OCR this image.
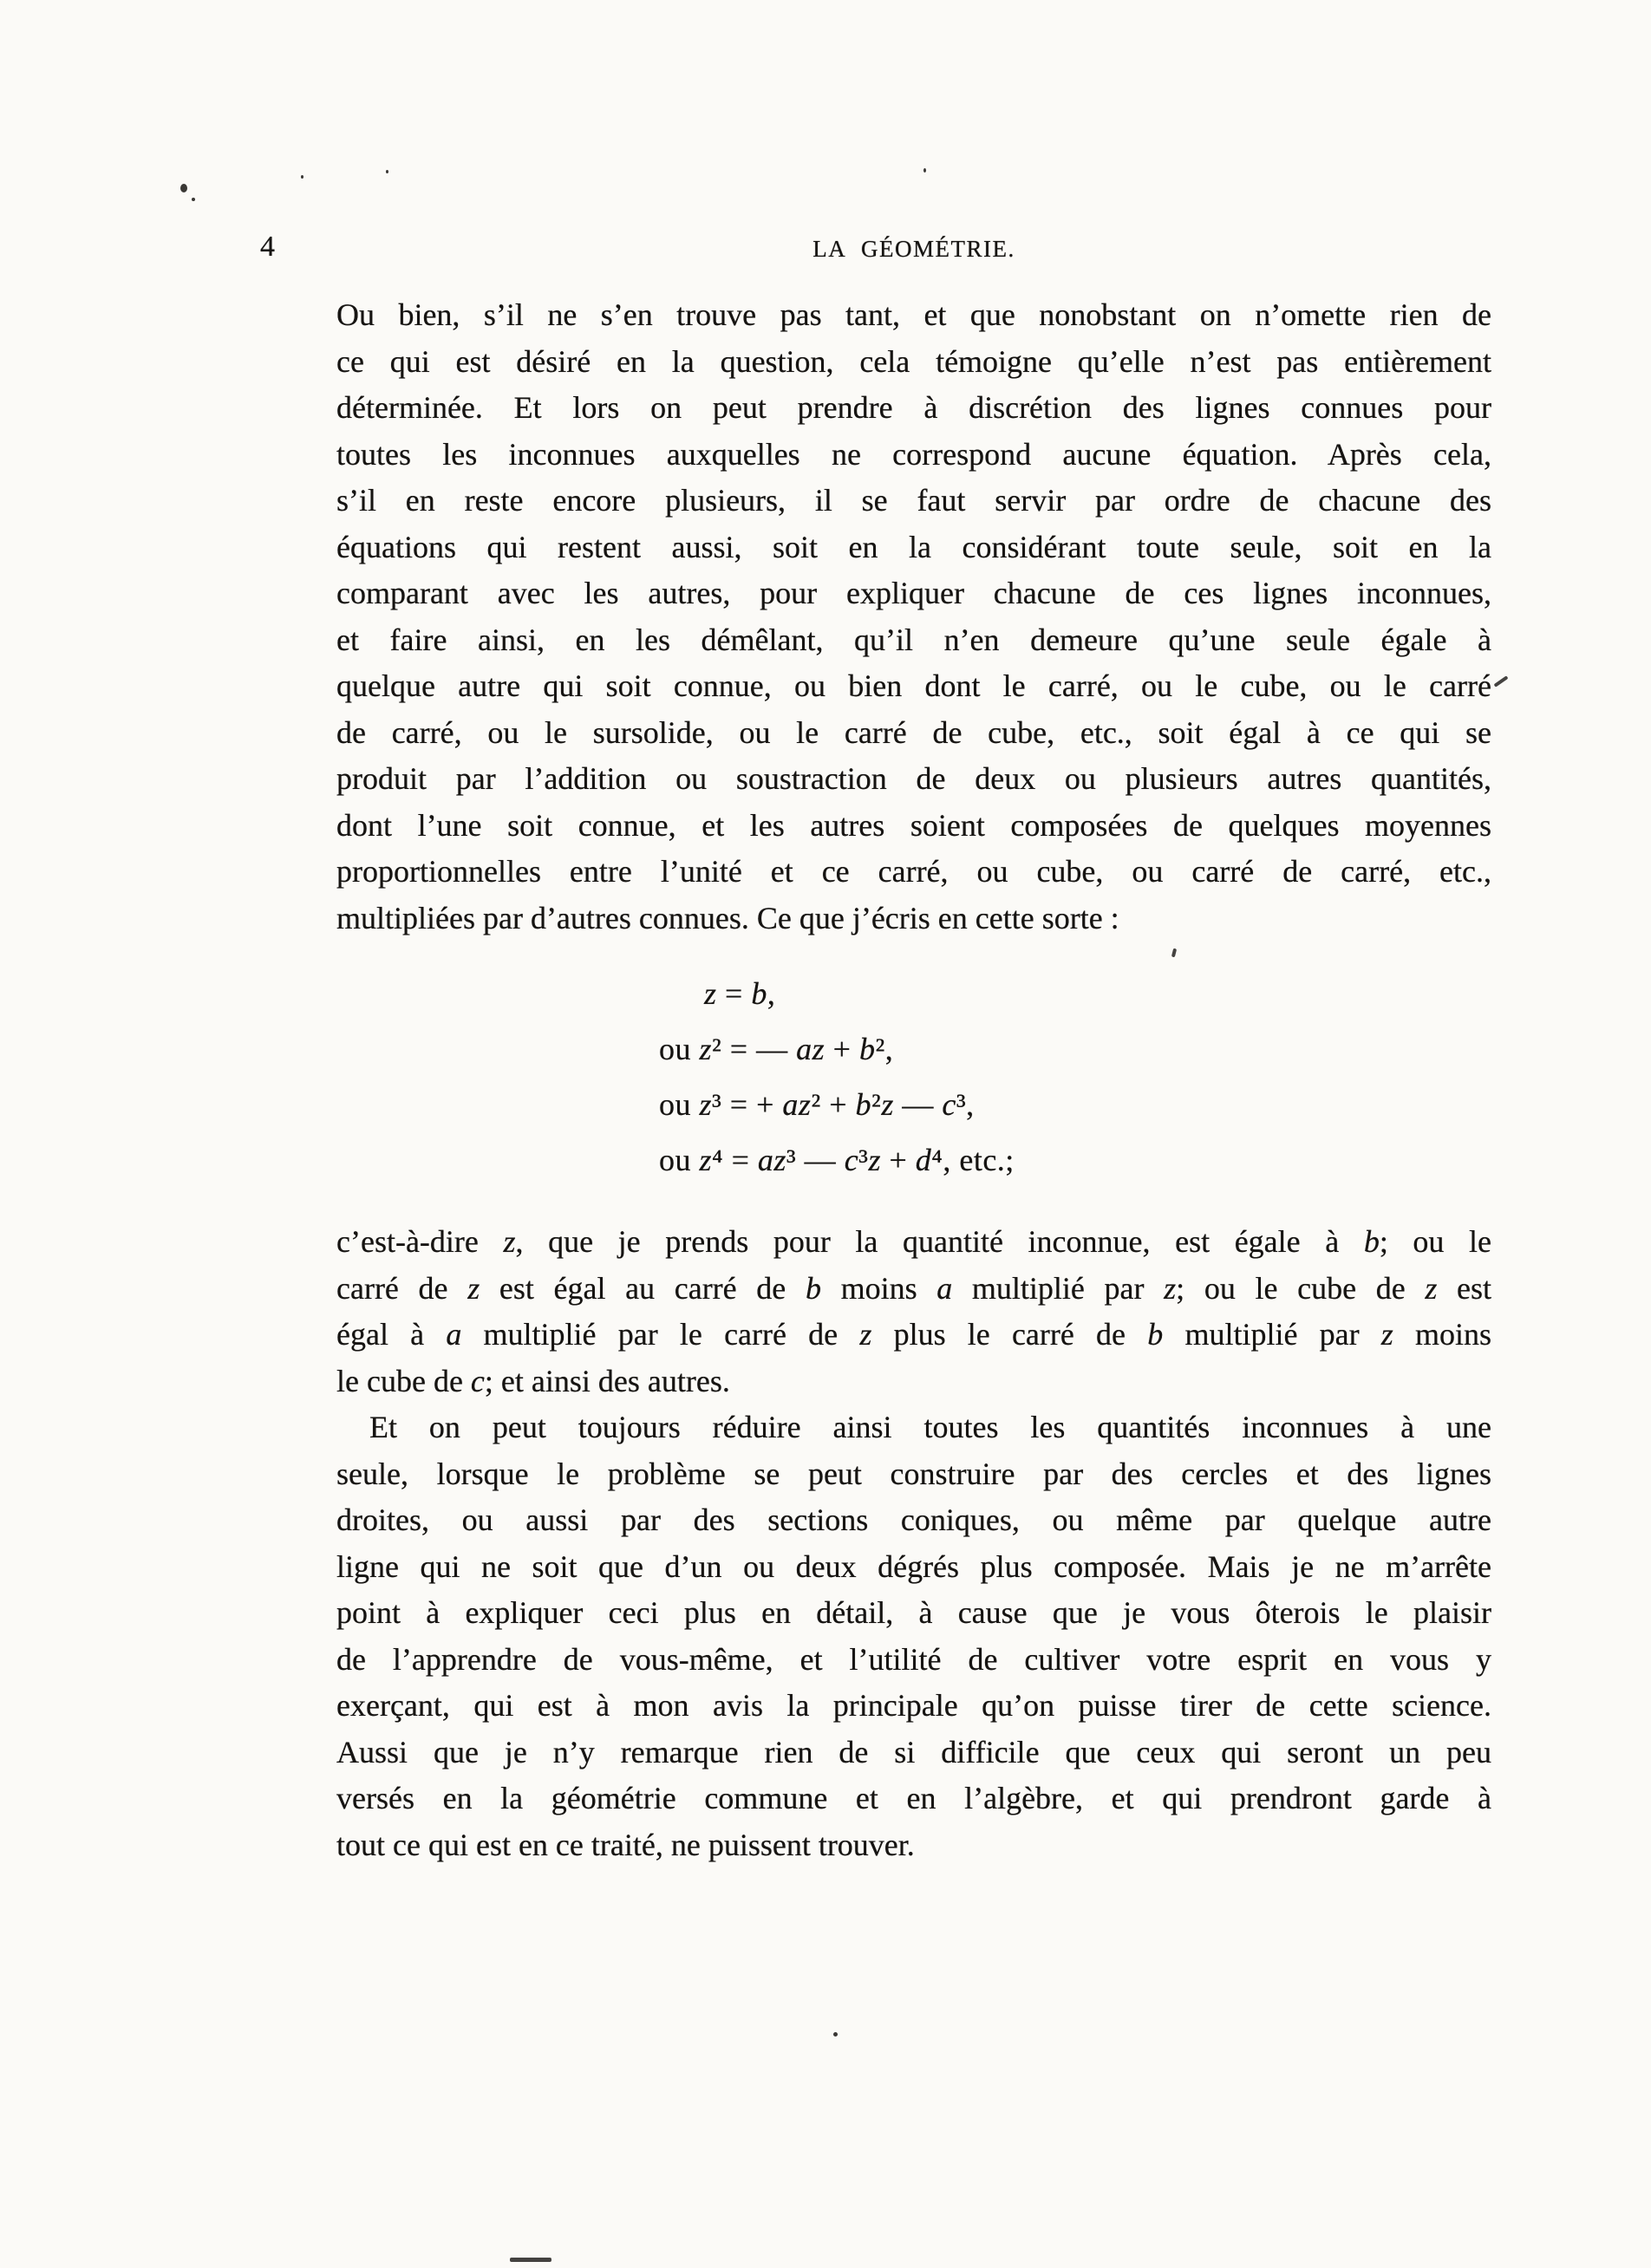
4	LA GÉOMÉTRIE.
Ou bien, s’il ne s’en trouve pas tant, et que nonobstant on n’omette rien de
ce qui est désiré en la question, cela témoigne qu’elle n’est pas entièrement
déterminée. Et lors on peut prendre à discrétion des lignes connues pour
toutes les inconnues auxquelles ne correspond aucune équation. Après cela,
s’il en reste encore plusieurs, il se faut servir par ordre de chacune des
équations qui restent aussi, soit en la considérant toute seule, soit en la
comparant avec les autres, pour expliquer chacune de ces lignes inconnues,
et faire ainsi, en les démêlant, qu’il n’en demeure qu’une seule égale à
quelque autre qui soit connue, ou bien dont le carré, ou le cube, ou le carré
de carré, ou le sursolide, ou le carré de cube, etc., soit égal à ce qui se
produit par l’addition ou soustraction de deux ou plusieurs autres quantités,
dont l’une soit connue, et les autres soient composées de quelques moyennes
proportionnelles entre l’unité et ce carré, ou cube, ou carré de carré, etc.,
multipliées par d’autres connues. Ce que j’écris en cette sorte :
z = b,
ou z² = — az + b²,
ou z³ = + az² + b²z — c³,
ou z⁴ = az³ — c³z + d⁴, etc.;
c’est-à-dire z, que je prends pour la quantité inconnue, est égale à b; ou le
carré de z est égal au carré de b moins a multiplié par z; ou le cube de z est
égal à a multiplié par le carré de z plus le carré de b multiplié par z moins
le cube de c; et ainsi des autres.
Et on peut toujours réduire ainsi toutes les quantités inconnues à une
seule, lorsque le problème se peut construire par des cercles et des lignes
droites, ou aussi par des sections coniques, ou même par quelque autre
ligne qui ne soit que d’un ou deux dégrés plus composée. Mais je ne m’arrête
point à expliquer ceci plus en détail, à cause que je vous ôterois le plaisir
de l’apprendre de vous-même, et l’utilité de cultiver votre esprit en vous y
exerçant, qui est à mon avis la principale qu’on puisse tirer de cette science.
Aussi que je n’y remarque rien de si difficile que ceux qui seront un peu
versés en la géométrie commune et en l’algèbre, et qui prendront garde à
tout ce qui est en ce traité, ne puissent trouver.
